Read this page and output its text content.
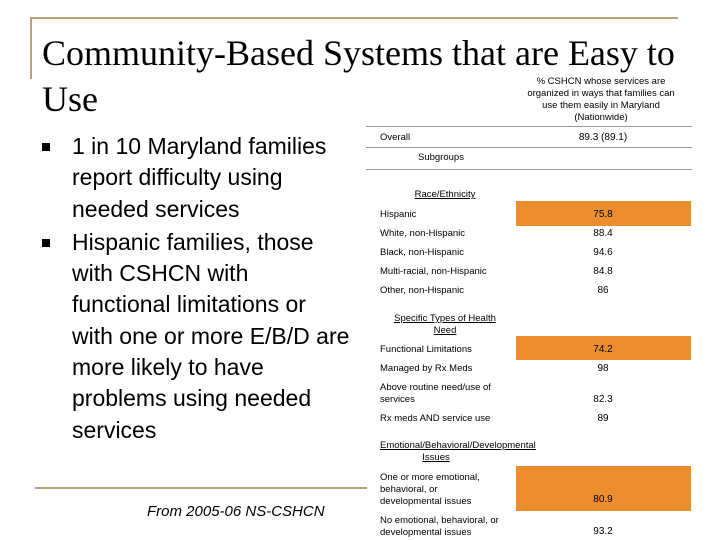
Community-Based Systems that are Easy to Use
1 in 10 Maryland families report difficulty using needed services
Hispanic families, those with CSHCN with functional limitations or with one or more E/B/D are more likely to have problems using needed services
From 2005-06 NS-CSHCN
% CSHCN whose services are organized in ways that families can use them easily in Maryland (Nationwide)
Overall	89.3 (89.1)
Subgroups
Race/Ethnicity
Hispanic	75.8
White, non-Hispanic	88.4
Black, non-Hispanic	94.6
Multi-racial, non-Hispanic	84.8
Other, non-Hispanic	86
Specific Types of Health Need
Functional Limitations	74.2
Managed by Rx Meds	98
Above routine need/use of services	82.3
Rx meds AND service use	89
Emotional/Behavioral/Developmental Issues
One or more emotional, behavioral, or developmental issues	80.9
No emotional, behavioral, or developmental issues	93.2
